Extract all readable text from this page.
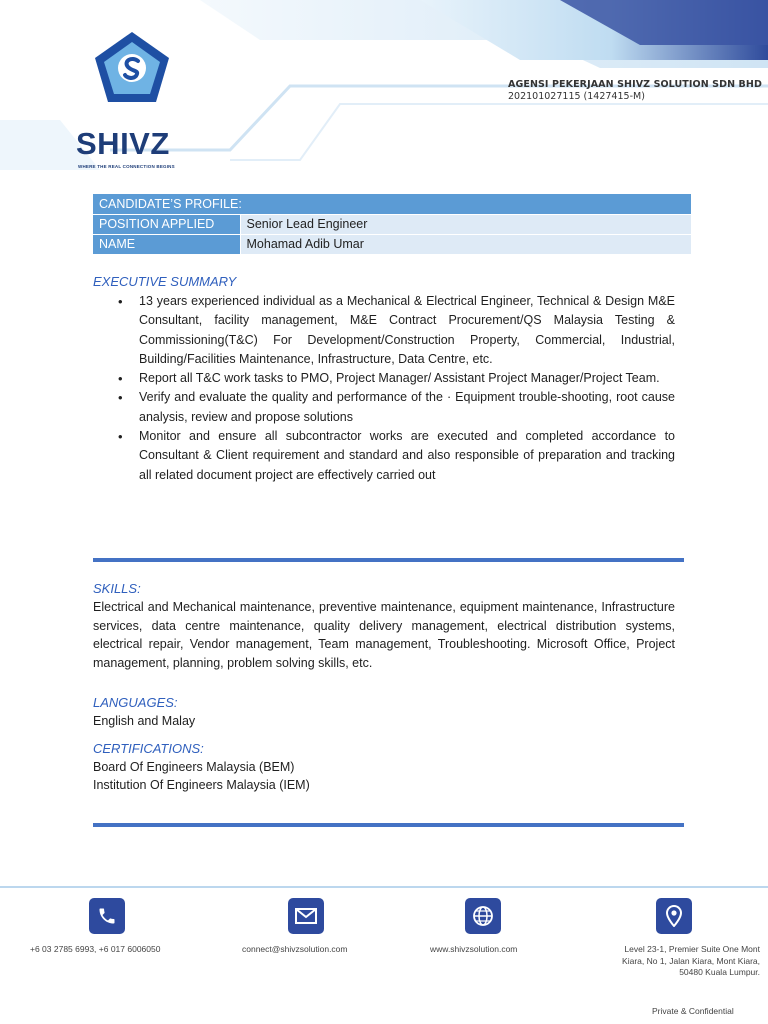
SHIVZ
WHERE THE REAL CONNECTION BEGINS
AGENSI PEKERJAAN SHIVZ SOLUTION SDN BHD
202101027115 (1427415-M)
CANDIDATE’S PROFILE:	
POSITION APPLIED	Senior Lead Engineer
NAME	Mohamad Adib Umar
EXECUTIVE SUMMARY
• 13 years experienced individual as a Mechanical & Electrical Engineer, Technical & Design M&E Consultant, facility management, M&E Contract Procurement/QS Malaysia Testing & Commissioning(T&C) For Development/Construction Property, Commercial, Industrial, Building/Facilities Maintenance, Infrastructure, Data Centre, etc.
• Report all T&C work tasks to PMO, Project Manager/ Assistant Project Manager/Project Team.
• Verify and evaluate the quality and performance of the · Equipment trouble-shooting, root cause analysis, review and propose solutions
• Monitor and ensure all subcontractor works are executed and completed accordance to Consultant & Client requirement and standard and also responsible of preparation and tracking all related document project are effectively carried out
SKILLS:
Electrical and Mechanical maintenance, preventive maintenance, equipment maintenance, Infrastructure services, data centre maintenance, quality delivery management, electrical distribution systems, electrical repair, Vendor management, Team management, Troubleshooting. Microsoft Office, Project management, planning, problem solving skills, etc.
LANGUAGES:
English and Malay
CERTIFICATIONS:
Board Of Engineers Malaysia (BEM)
Institution Of Engineers Malaysia (IEM)
+6 03 2785 6993, +6 017 6006050	connect@shivzsolution.com	www.shivzsolution.com	Level 23-1, Premier Suite One Mont
Kiara, No 1, Jalan Kiara, Mont Kiara,
50480 Kuala Lumpur.
Private & Confidential
